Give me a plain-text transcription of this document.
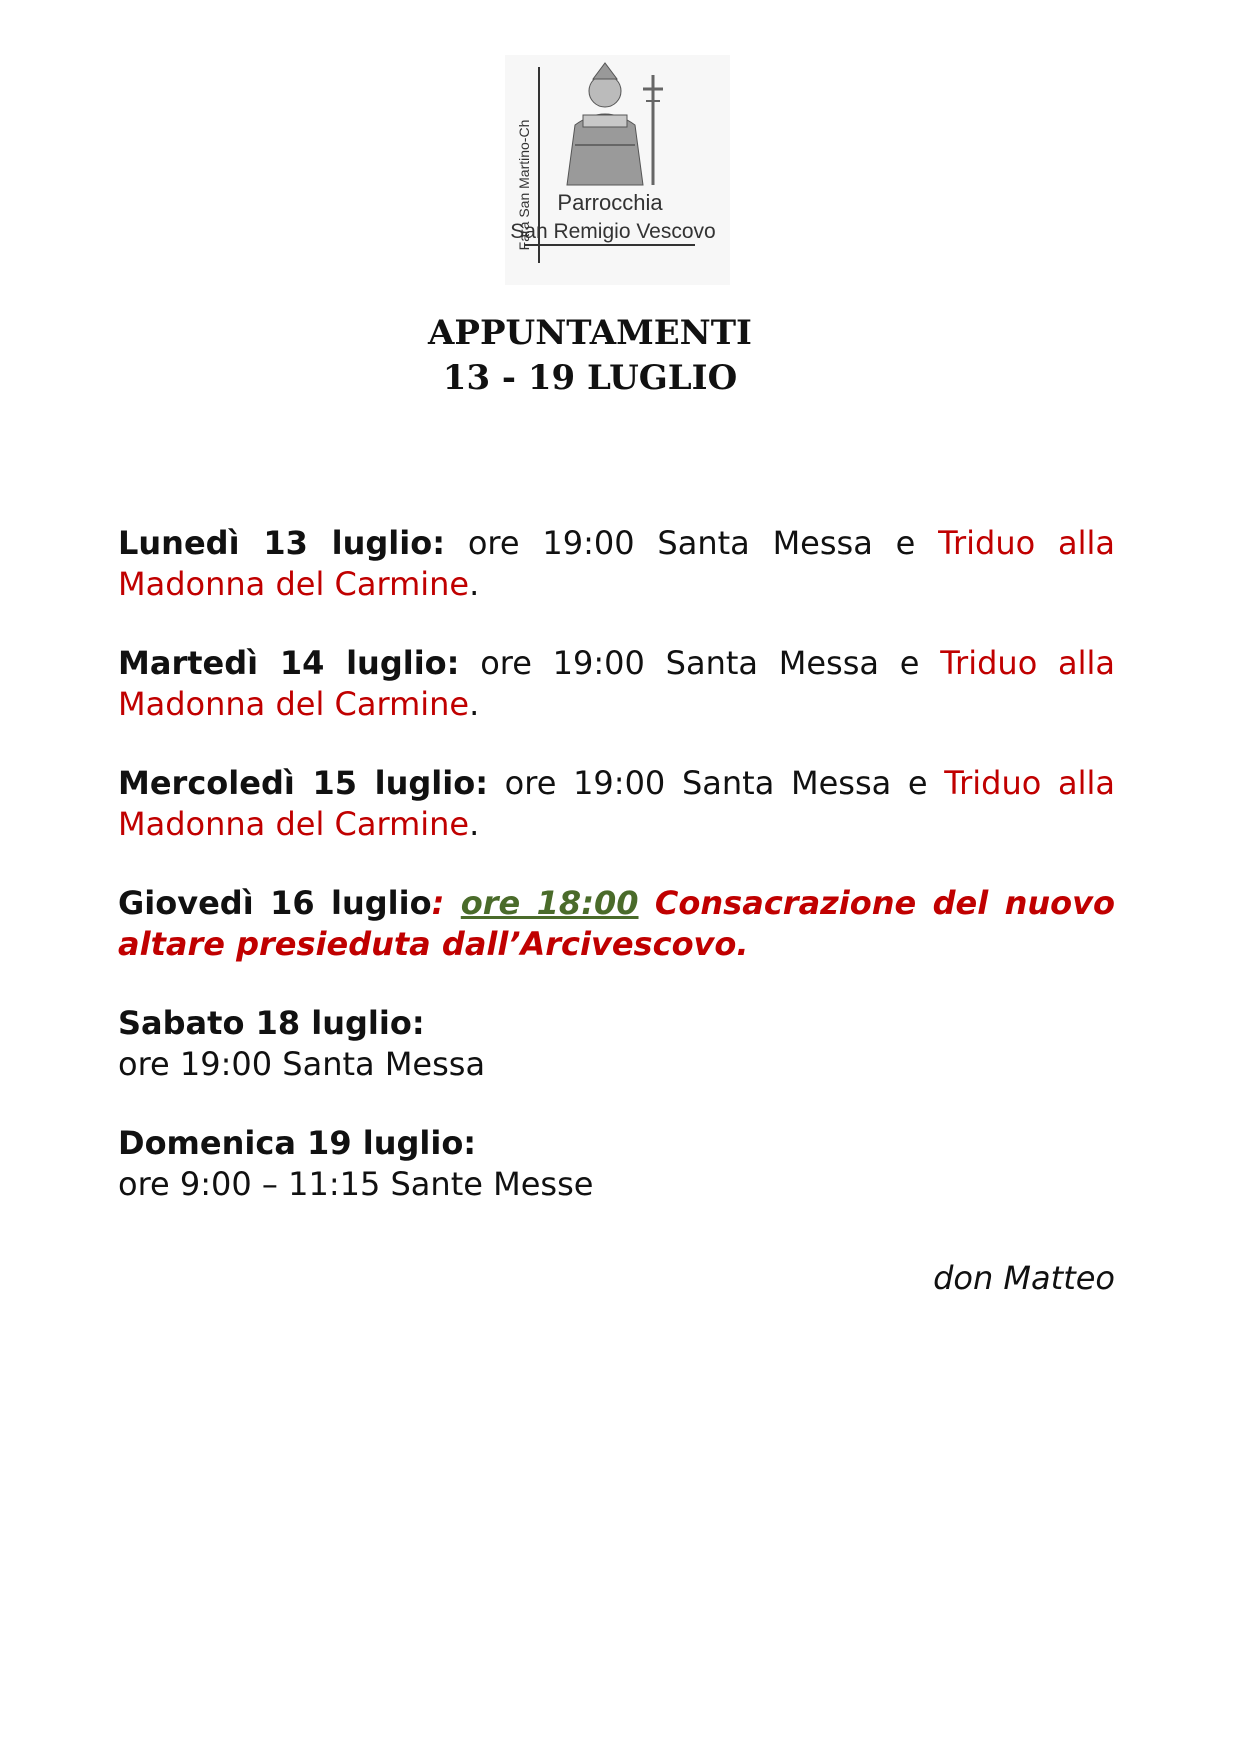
Fara San Martino-Ch Parrocchia
San Remigio Vescovo
APPUNTAMENTI
13 - 19 LUGLIO

Lunedì 13 luglio: ore 19:00 Santa Messa e Triduo alla Madonna del Carmine.

Martedì 14 luglio: ore 19:00 Santa Messa e Triduo alla Madonna del Carmine.

Mercoledì 15 luglio: ore 19:00 Santa Messa e Triduo alla Madonna del Carmine.

Giovedì 16 luglio: ore 18:00 Consacrazione del nuovo altare presieduta dall’Arcivescovo.

Sabato 18 luglio:
ore 19:00 Santa Messa
Domenica 19 luglio:
ore 9:00 – 11:15 Sante Messe

don Matteo
